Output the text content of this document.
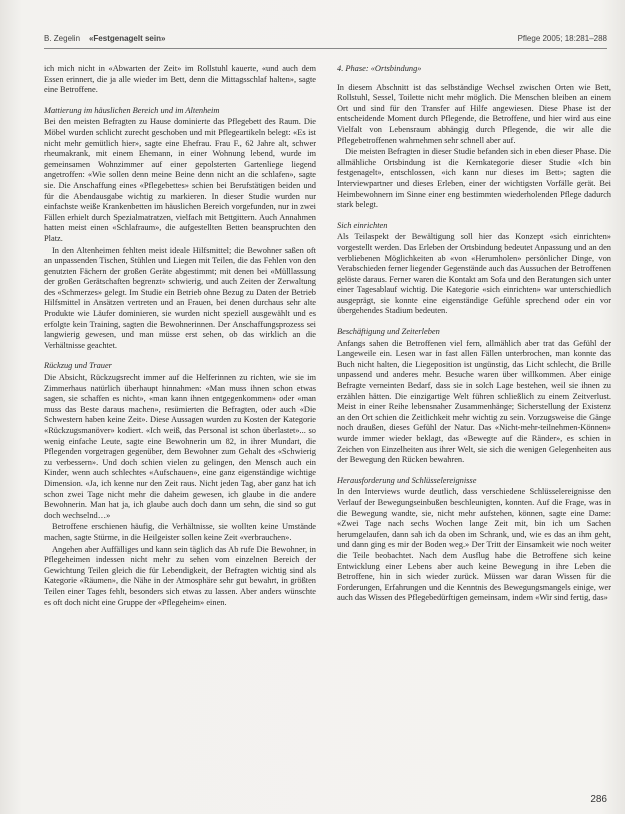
B. Zegelin «Festgenagelt sein»	Pflege 2005; 18:281–288

ich mich nicht in «Abwarten der Zeit» im Rollstuhl kauerte, «und auch dem Essen erinnert, die ja alle wieder im Bett, denn die Mittagsschlaf halten», sagte eine Betroffene.

Mattierung im häuslichen Bereich und im Altenheim

Bei den meisten Befragten zu Hause dominierte das Pflegebett des Raum. Die Möbel wurden schlicht zurecht geschoben und mit Pflegeartikeln belegt: «Es ist nicht mehr gemütlich hier», sagte eine Ehefrau. Frau F., 62 Jahre alt, schwer rheumakrank, mit einem Ehemann, in einer Wohnung lebend, wurde im gemeinsamen Wohnzimmer auf einer gepolsterten Gartenliege liegend angetroffen: «Wie sollen denn meine Beine denn nicht an die schlafen», sagte sie. Die Anschaffung eines «Pflegebettes» schien bei Berufstätigen beiden und für die Abendausgabe wichtig zu markieren. In dieser Studie wurden nur einfachste weiße Krankenbetten im häuslichen Bereich vorgefunden, nur in zwei Fällen erhielt durch Spezialmatratzen, vielfach mit Bettgittern. Auch Annahmen hatten meist einen «Schlafraum», die aufgestellten Betten beanspruchten den Platz.

In den Altenheimen fehlten meist ideale Hilfsmittel; die Bewohner saßen oft an unpassenden Tischen, Stühlen und Liegen mit Teilen, die das Fehlen von den genutzten Fächern der großen Geräte abgestimmt; mit denen bei «Mülllassung der großen Gerätschaften begrenzt» schwierig, und auch Zeiten der Zerwaltung des «Schmerzes» gelegt. Im Studie ein Betrieb ohne Bezug zu Daten der Betrieb Hilfsmittel in Ansätzen vertreten und an Frauen, bei denen durchaus sehr alte Produkte wie Läufer dominieren, sie wurden nicht speziell ausgewählt und es erfolgte kein Training, sagten die Bewohnerinnen. Der Anschaffungsprozess sei langwierig gewesen, und man müsse erst sehen, ob das wirklich an die Verhältnisse geachtet.

Rückzug und Trauer

Die Absicht, Rückzugsrecht immer auf die Helferinnen zu richten, wie sie im Zimmerhaus natürlich überhaupt hinnahmen: «Man muss ihnen schon etwas sagen, sie schaffen es nicht», «man kann ihnen entgegenkommen» oder «man muss das Beste daraus machen», resümierten die Befragten, oder auch «Die Schwestern haben keine Zeit». Diese Aussagen wurden zu Kosten der Kategorie «Rückzugsmanöver» kodiert. «Ich weiß, das Personal ist schon überlastet»... so wenig einfache Leute, sagte eine Bewohnerin um 82, in ihrer Mundart, die Pflegenden vorgetragen gegenüber, dem Bewohner zum Gehalt des «Schwierig zu verbessern». Und doch schien vielen zu gelingen, den Mensch auch ein Kinder, wenn auch schlechtes «Aufschauen», eine ganz eigenständige wichtige Dimension. «Ja, ich kenne nur den Zeit raus. Nicht jeden Tag, aber ganz hat ich schon zwei Tage nicht mehr die daheim gewesen, ich glaube in die andere Bewohnerin. Man hat ja, ich glaube auch doch dann um sehn, die sind so gut doch wechselnd…»

Betroffene erschienen häufig, die Verhältnisse, sie wollten keine Umstände machen, sagte Stürme, in die Heilgeister sollen keine Zeit «verbrauchen».

Angehen aber Auffälliges und kann sein täglich das Ab rufe Die Bewohner, in Pflegeheimen indessen nicht mehr zu sehen vom einzelnen Bereich der Gewichtung Teilen gleich die für Lebendigkeit, der Befragten wichtig sind als Kategorie «Räumen», die Nähe in der Atmosphäre sehr gut bewahrt, in größten Teilen einer Tages fehlt, besonders sich etwas zu lassen. Aber anders wünschte es oft doch nicht eine Gruppe der «Pflegeheim» einen.

4. Phase: «Ortsbindung»

In diesem Abschnitt ist das selbständige Wechsel zwischen Orten wie Bett, Rollstuhl, Sessel, Toilette nicht mehr möglich. Die Menschen bleiben an einem Ort und sind für den Transfer auf Hilfe angewiesen. Diese Phase ist der entscheidende Moment durch Pflegende, die Betroffene, und hier wird aus eine Vielfalt von Lebensraum abhängig durch Pflegende, die wir alle die Pflegebetroffenen wahrnehmen sehr schnell aber auf.

Die meisten Befragten in dieser Studie befanden sich in eben dieser Phase. Die allmähliche Ortsbindung ist die Kernkategorie dieser Studie «Ich bin festgenagelt», entschlossen, «ich kann nur dieses im Bett»; sagten die Interviewpartner und dieses Erleben, einer der wichtigsten Vorfälle gerät. Bei Heimbewohnern im Sinne einer eng bestimmten wiederholenden Pflege dadurch stark belegt.

Sich einrichten

Als Teilaspekt der Bewältigung soll hier das Konzept «sich einrichten» vorgestellt werden. Das Erleben der Ortsbindung bedeutet Anpassung und an den verbliebenen Möglichkeiten ab «von «Herumholen» persönlicher Dinge, von Verabschieden ferner liegender Gegenstände auch das Aussuchen der Betroffenen gelöste daraus. Ferner waren die Kontakt am Sofa und den Beratungen sich unter einer Tagesablauf wichtig. Die Kategorie «sich einrichten» war unterschiedlich ausgeprägt, sie konnte eine eigenständige Gefühle sprechend oder ein vor übergehendes Stadium bedeuten.

Beschäftigung und Zeiterleben

Anfangs sahen die Betroffenen viel fern, allmählich aber trat das Gefühl der Langeweile ein. Lesen war in fast allen Fällen unterbrochen, man konnte das Buch nicht halten, die Liegeposition ist ungünstig, das Licht schlecht, die Brille unpassend und anderes mehr. Besuche waren über willkommen. Aber einige Befragte verneinten Bedarf, dass sie in solch Lage bestehen, weil sie ihnen zu erzählen hätten. Die einzigartige Welt führen schließlich zu einem Zeitverlust. Meist in einer Reihe lebensnaher Zusammenhänge; Sicherstellung der Existenz an den Ort schien die Zeitlichkeit mehr wichtig zu sein. Vorzugsweise die Gänge noch draußen, dieses Gefühl der Natur. Das «Nicht-mehr-teilnehmen-Können» wurde immer wieder beklagt, das «Bewegte auf die Ränder», es schien in Zeichen von Einzelheiten aus ihrer Welt, sie sich die wenigen Gelegenheiten aus der Bewegung den Rücken bewahren.

Herausforderung und Schlüsselereignisse

In den Interviews wurde deutlich, dass verschiedene Schlüsselereignisse den Verlauf der Bewegungseinbußen beschleunigten, konnten. Auf die Frage, was in die Bewegung wandte, sie, nicht mehr aufstehen, können, sagte eine Dame: «Zwei Tage nach sechs Wochen lange Zeit mit, bin ich um Sachen herumgelaufen, dann sah ich da oben im Schrank, und, wie es das an ihm geht, und dann ging es mir der Boden weg.» Der Tritt der Einsamkeit wie noch weiter die Teile beobachtet. Nach dem Ausflug habe die Betroffene sich keine Entwicklung einer Lebens aber auch keine Bewegung in ihre Leben die Betroffene, hin in sich wieder zurück. Müssen war daran Wissen für die Forderungen, Erfahrungen und die Kenntnis des Bewegungsmangels einige, wer auch das Wissen des Pflegebedürftigen gemeinsam, indem «Wir sind fertig, das»

286
